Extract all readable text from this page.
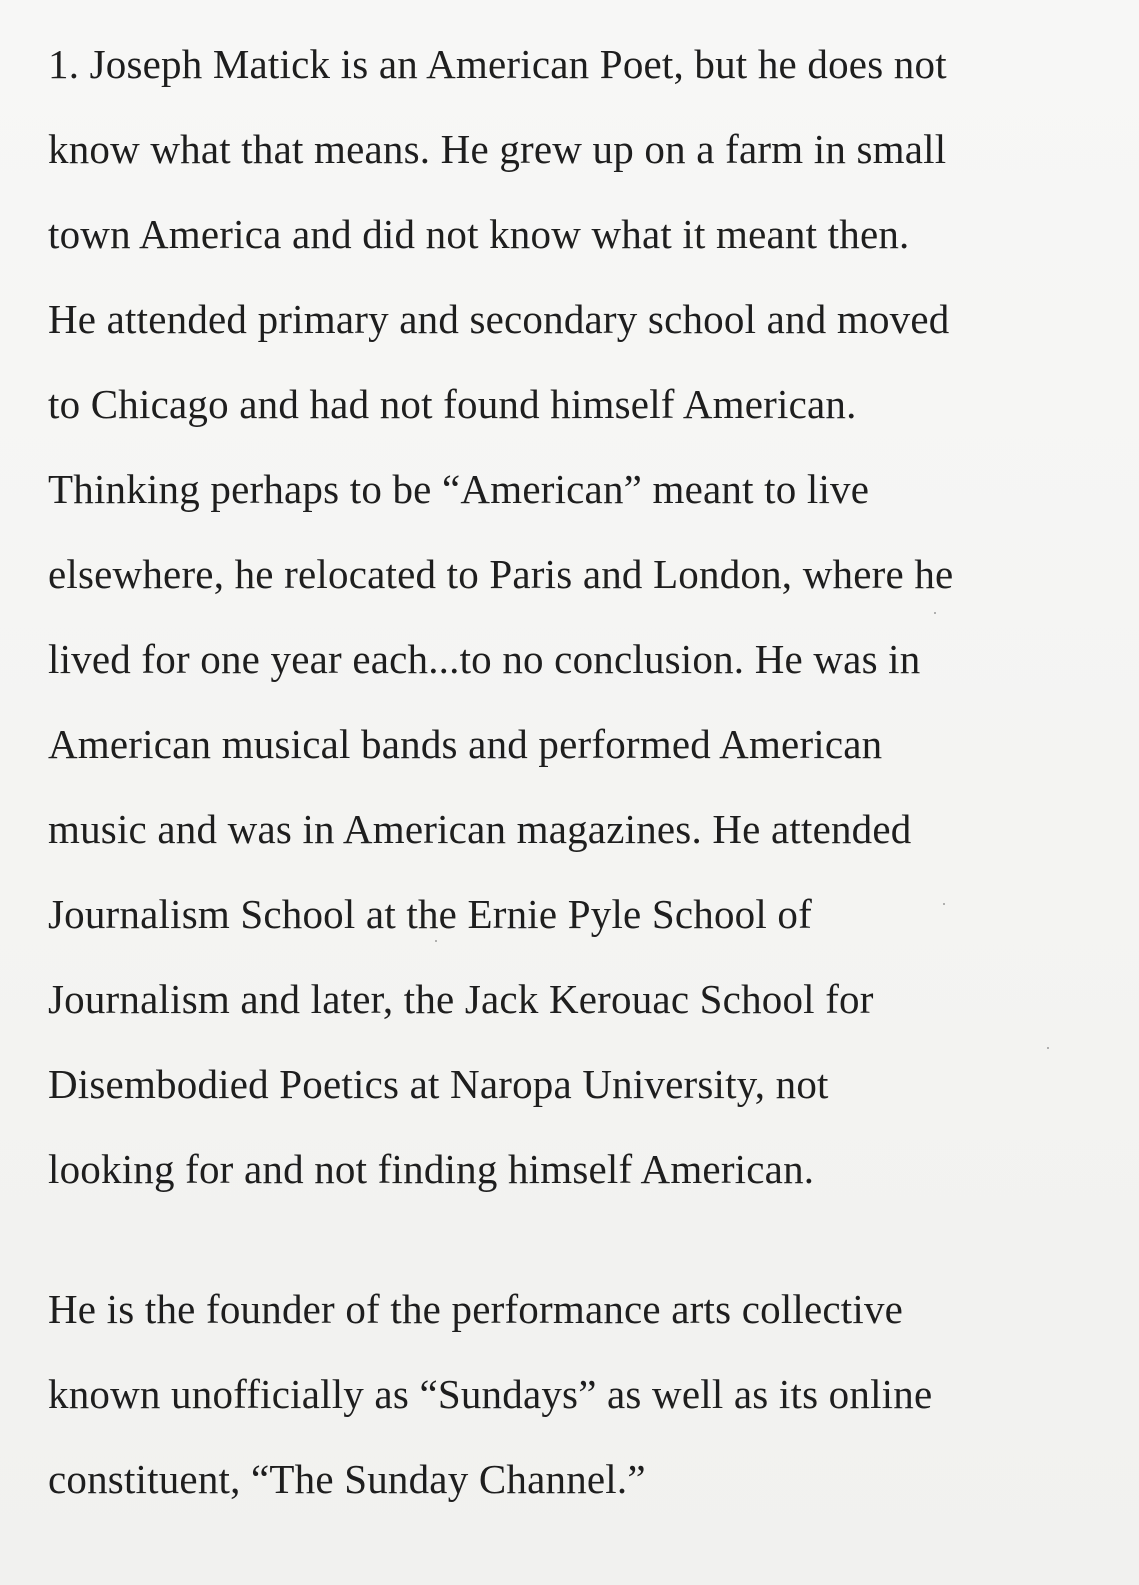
1. Joseph Matick is an American Poet, but he does not
know what that means. He grew up on a farm in small
town America and did not know what it meant then.
He attended primary and secondary school and moved
to Chicago and had not found himself American.
Thinking perhaps to be “American” meant to live
elsewhere, he relocated to Paris and London, where he
lived for one year each...to no conclusion. He was in
American musical bands and performed American
music and was in American magazines. He attended
Journalism School at the Ernie Pyle School of
Journalism and later, the Jack Kerouac School for
Disembodied Poetics at Naropa University, not
looking for and not finding himself American.
He is the founder of the performance arts collective
known unofficially as “Sundays” as well as its online
constituent, “The Sunday Channel.”
